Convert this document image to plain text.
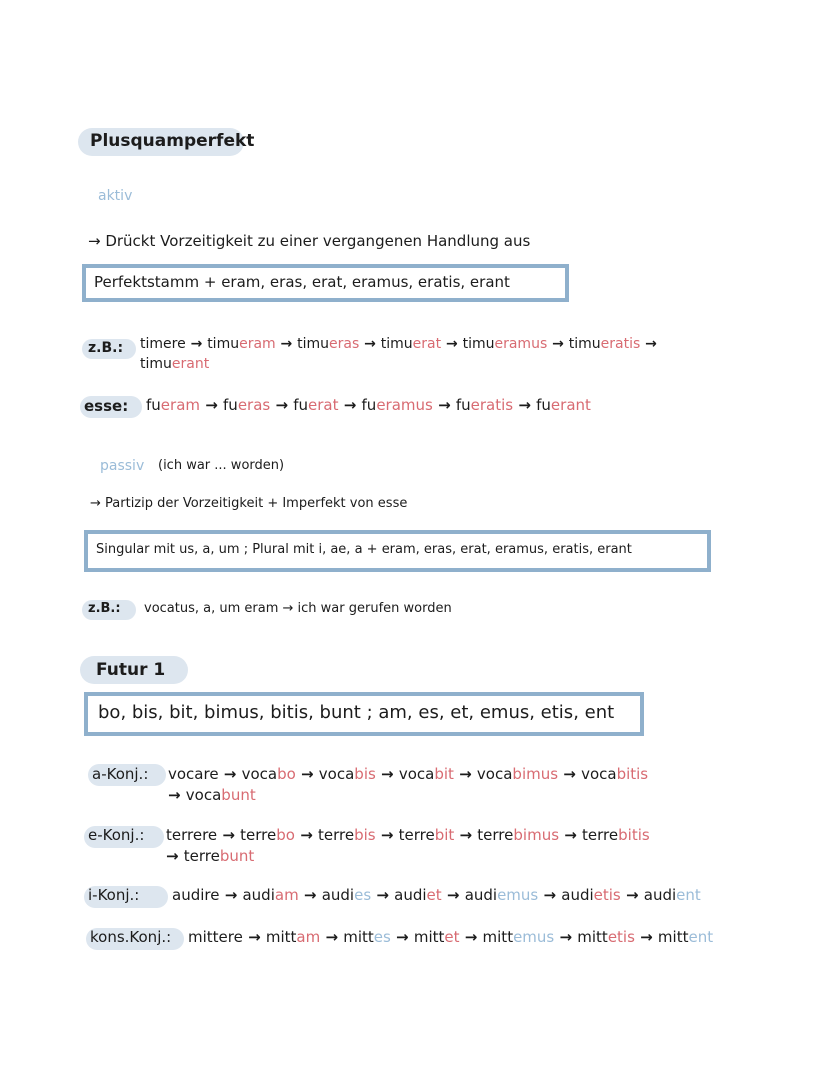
Plusquamperfekt
aktiv
→ Drückt Vorzeitigkeit zu einer vergangenen Handlung aus
Perfektstamm + eram, eras, erat, eramus, eratis, erant
z.B.: timere → timueram → timueras → timuerat → timueramus → timueratis →
timuerant
esse: fueram → fueras → fuerat → fueramus → fueratis → fuerant
passiv (ich war ... worden)
→ Partizip der Vorzeitigkeit + Imperfekt von esse
Singular mit us, a, um ; Plural mit i, ae, a + eram, eras, erat, eramus, eratis, erant
z.B.: vocatus, a, um eram → ich war gerufen worden
Futur 1
bo, bis, bit, bimus, bitis, bunt ; am, es, et, emus, etis, ent
a-Konj.: vocare → vocabo → vocabis → vocabit → vocabimus → vocabitis
→ vocabunt
e-Konj.: terrere → terrebo → terrebis → terrebit → terrebimus → terrebitis
→ terrebunt
i-Konj.: audire → audiam → audies → audiet → audiemus → audietis → audient
kons.Konj.: mittere → mittam → mittes → mittet → mittemus → mittetis → mittent
